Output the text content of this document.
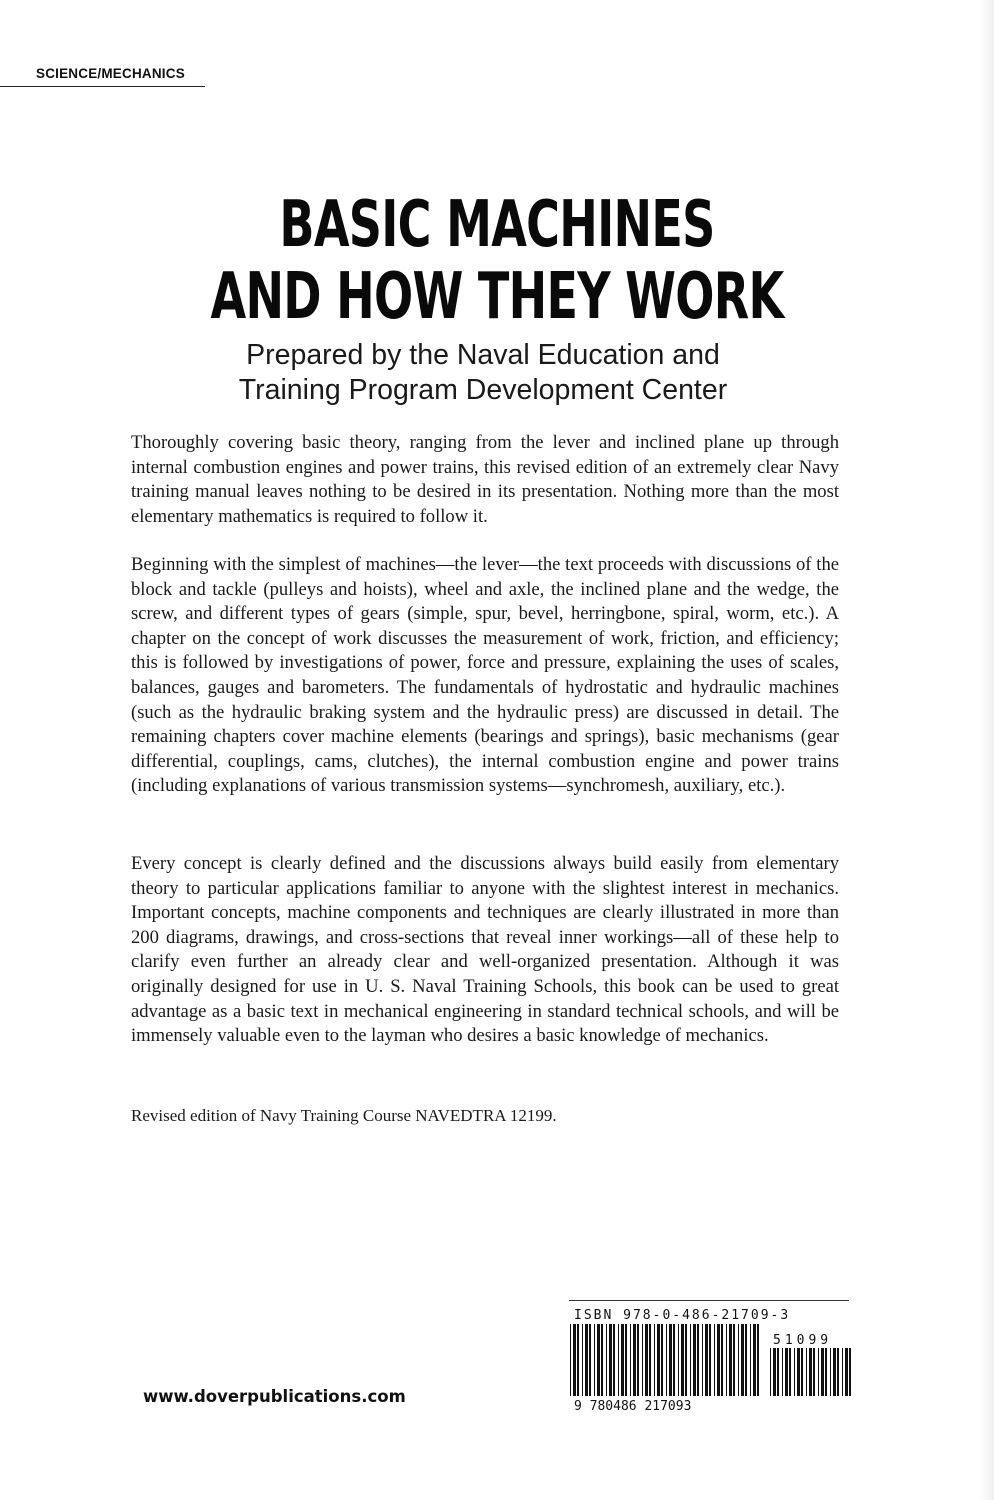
SCIENCE/MECHANICS
BASIC MACHINES
AND HOW THEY WORK
Prepared by the Naval Education and
Training Program Development Center

Thoroughly covering basic theory, ranging from the lever and inclined plane up through internal combustion engines and power trains, this revised edition of an extremely clear Navy training manual leaves nothing to be desired in its presentation. Nothing more than the most elementary mathematics is required to follow it.

Beginning with the simplest of machines—the lever—the text proceeds with discussions of the block and tackle (pulleys and hoists), wheel and axle, the inclined plane and the wedge, the screw, and different types of gears (simple, spur, bevel, herringbone, spiral, worm, etc.). A chapter on the concept of work discusses the measurement of work, friction, and efficiency; this is followed by investigations of power, force and pressure, explaining the uses of scales, balances, gauges and barometers. The fundamentals of hydrostatic and hydraulic machines (such as the hydraulic braking system and the hydraulic press) are discussed in detail. The remaining chapters cover machine elements (bearings and springs), basic mechanisms (gear differential, couplings, cams, clutches), the internal combustion engine and power trains (including explanations of various transmission systems—synchromesh, auxiliary, etc.).

Every concept is clearly defined and the discussions always build easily from elementary theory to particular applications familiar to anyone with the slightest interest in mechanics. Important concepts, machine components and techniques are clearly illustrated in more than 200 diagrams, drawings, and cross-sections that reveal inner workings—all of these help to clarify even further an already clear and well-organized presentation. Although it was originally designed for use in U. S. Naval Training Schools, this book can be used to great advantage as a basic text in mechanical engineering in standard technical schools, and will be immensely valuable even to the layman who desires a basic knowledge of mechanics.

Revised edition of Navy Training Course NAVEDTRA 12199.

ISBN 978-0-486-21709-3
9 780486 217093
51099
www.doverpublications.com
